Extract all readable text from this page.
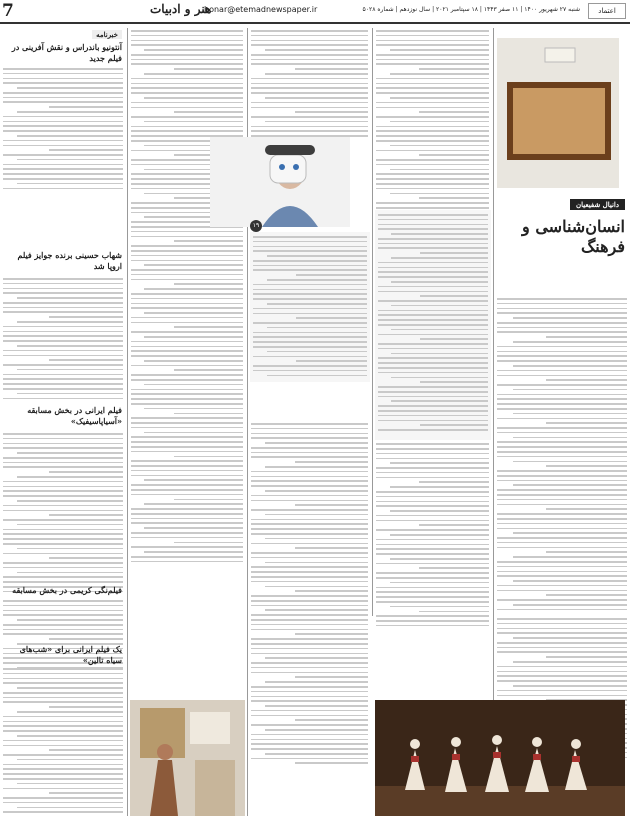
7	هنر و ادبیات
honar@etemadnewspaper.ir	شنبه ۲۷ شهریور ۱۴۰۰ | ۱۱ صفر ۱۴۴۳ | ۱۸ سپتامبر ۲۰۲۱ | سال نوزدهم | شماره ۵۰۲۸	اعتماد
خبرنامه
آنتونیو باندراس و نقش آفرینی در فیلم جدید
شهاب حسینی برنده جوایز فیلم اروپا شد
فیلم ایرانی در بخش مسابقه «آسیاپاسیفیک»
فیلم‌نگی کریمی در بخش مسابقه
یک فیلم ایرانی برای «شب‌های سیاه تالین»
۱۹
دانیال شفیعیان
انسان‌شناسی و فرهنگ
